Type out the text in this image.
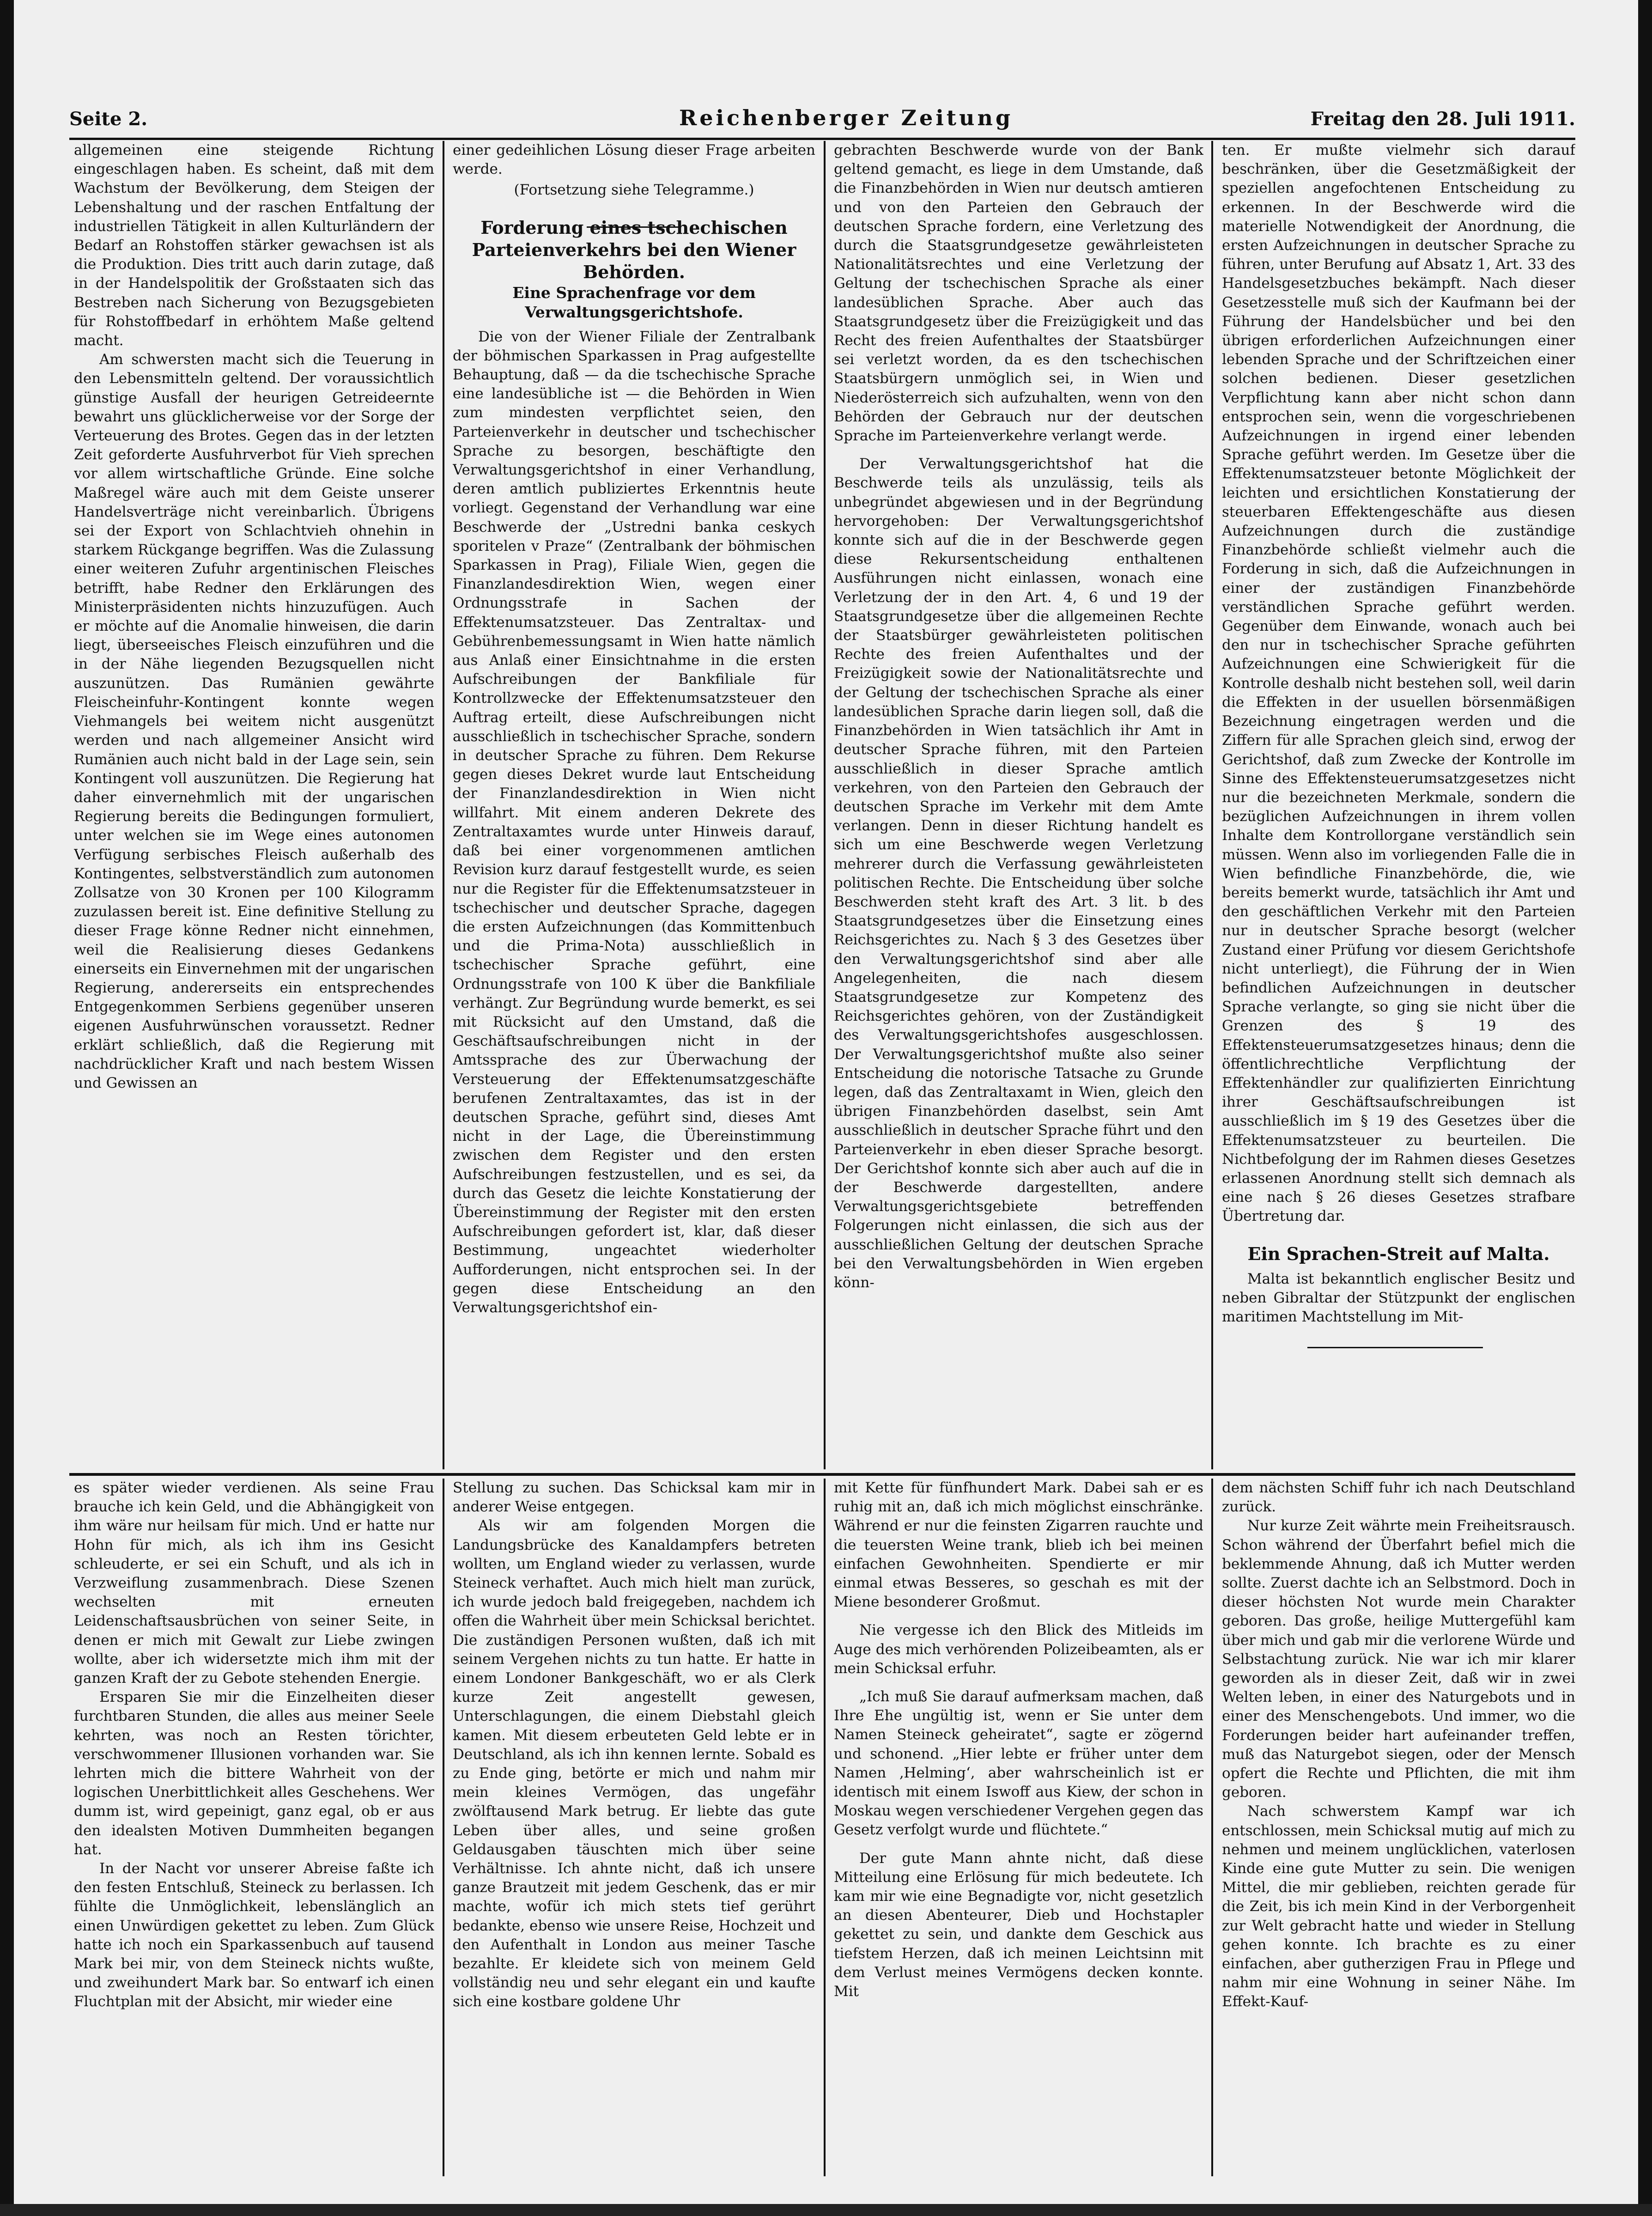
Seite 2.	Reichenberger Zeitung	Freitag den 28. Juli 1911.

allgemeinen eine steigende Richtung eingeschlagen haben. Es scheint, daß mit dem Wachstum der Bevölkerung, dem Steigen der Lebenshaltung und der raschen Entfaltung der industriellen Tätigkeit in allen Kulturländern der Bedarf an Rohstoffen stärker gewachsen ist als die Produktion. Dies tritt auch darin zutage, daß in der Handelspolitik der Großstaaten sich das Bestreben nach Sicherung von Bezugsgebieten für Rohstoffbedarf in erhöhtem Maße geltend macht.

Am schwersten macht sich die Teuerung in den Lebensmitteln geltend. Der voraussichtlich günstige Ausfall der heurigen Getreideernte bewahrt uns glücklicherweise vor der Sorge der Verteuerung des Brotes. Gegen das in der letzten Zeit geforderte Ausfuhrverbot für Vieh sprechen vor allem wirtschaftliche Gründe. Eine solche Maßregel wäre auch mit dem Geiste unserer Handelsverträge nicht vereinbarlich. Übrigens sei der Export von Schlachtvieh ohnehin in starkem Rückgange begriffen. Was die Zulassung einer weiteren Zufuhr argentinischen Fleisches betrifft, habe Redner den Erklärungen des Ministerpräsidenten nichts hinzuzufügen. Auch er möchte auf die Anomalie hinweisen, die darin liegt, überseeisches Fleisch einzuführen und die in der Nähe liegenden Bezugsquellen nicht auszunützen. Das Rumänien gewährte Fleischeinfuhr-Kontingent konnte wegen Viehmangels bei weitem nicht ausgenützt werden und nach allgemeiner Ansicht wird Rumänien auch nicht bald in der Lage sein, sein Kontingent voll auszunützen. Die Regierung hat daher einvernehmlich mit der ungarischen Regierung bereits die Bedingungen formuliert, unter welchen sie im Wege eines autonomen Verfügung serbisches Fleisch außerhalb des Kontingentes, selbstverständlich zum autonomen Zollsatze von 30 Kronen per 100 Kilogramm zuzulassen bereit ist. Eine definitive Stellung zu dieser Frage könne Redner nicht einnehmen, weil die Realisierung dieses Gedankens einerseits ein Einvernehmen mit der ungarischen Regierung, andererseits ein entsprechendes Entgegenkommen Serbiens gegenüber unseren eigenen Ausfuhrwünschen voraussetzt. Redner erklärt schließlich, daß die Regierung mit nachdrücklicher Kraft und nach bestem Wissen und Gewissen an

einer gedeihlichen Lösung dieser Frage arbeiten werde.

(Fortsetzung siehe Telegramme.)

Forderung eines tschechischen Parteienverkehrs bei den Wiener Behörden.

Eine Sprachenfrage vor dem Verwaltungsgerichtshofe.

Die von der Wiener Filiale der Zentralbank der böhmischen Sparkassen in Prag aufgestellte Behauptung, daß — da die tschechische Sprache eine landesübliche ist — die Behörden in Wien zum mindesten verpflichtet seien, den Parteienverkehr in deutscher und tschechischer Sprache zu besorgen, beschäftigte den Verwaltungsgerichtshof in einer Verhandlung, deren amtlich publiziertes Erkenntnis heute vorliegt. Gegenstand der Verhandlung war eine Beschwerde der „Ustredni banka ceskych sporitelen v Praze“ (Zentralbank der böhmischen Sparkassen in Prag), Filiale Wien, gegen die Finanzlandesdirektion Wien, wegen einer Ordnungsstrafe in Sachen der Effektenumsatzsteuer. Das Zentraltax- und Gebührenbemessungsamt in Wien hatte nämlich aus Anlaß einer Einsichtnahme in die ersten Aufschreibungen der Bankfiliale für Kontrollzwecke der Effektenumsatzsteuer den Auftrag erteilt, diese Aufschreibungen nicht ausschließlich in tschechischer Sprache, sondern in deutscher Sprache zu führen. Dem Rekurse gegen dieses Dekret wurde laut Entscheidung der Finanzlandesdirektion in Wien nicht willfahrt. Mit einem anderen Dekrete des Zentraltaxamtes wurde unter Hinweis darauf, daß bei einer vorgenommenen amtlichen Revision kurz darauf festgestellt wurde, es seien nur die Register für die Effektenumsatzsteuer in tschechischer und deutscher Sprache, dagegen die ersten Aufzeichnungen (das Kommittenbuch und die Prima-Nota) ausschließlich in tschechischer Sprache geführt, eine Ordnungsstrafe von 100 K über die Bankfiliale verhängt. Zur Begründung wurde bemerkt, es sei mit Rücksicht auf den Umstand, daß die Geschäftsaufschreibungen nicht in der Amtssprache des zur Überwachung der Versteuerung der Effektenumsatzgeschäfte berufenen Zentraltaxamtes, das ist in der deutschen Sprache, geführt sind, dieses Amt nicht in der Lage, die Übereinstimmung zwischen dem Register und den ersten Aufschreibungen festzustellen, und es sei, da durch das Gesetz die leichte Konstatierung der Übereinstimmung der Register mit den ersten Aufschreibungen gefordert ist, klar, daß dieser Bestimmung, ungeachtet wiederholter Aufforderungen, nicht entsprochen sei. In der gegen diese Entscheidung an den Verwaltungsgerichtshof ein-

gebrachten Beschwerde wurde von der Bank geltend gemacht, es liege in dem Umstande, daß die Finanzbehörden in Wien nur deutsch amtieren und von den Parteien den Gebrauch der deutschen Sprache fordern, eine Verletzung des durch die Staatsgrundgesetze gewährleisteten Nationalitätsrechtes und eine Verletzung der Geltung der tschechischen Sprache als einer landesüblichen Sprache. Aber auch das Staatsgrundgesetz über die Freizügigkeit und das Recht des freien Aufenthaltes der Staatsbürger sei verletzt worden, da es den tschechischen Staatsbürgern unmöglich sei, in Wien und Niederösterreich sich aufzuhalten, wenn von den Behörden der Gebrauch nur der deutschen Sprache im Parteienverkehre verlangt werde.

Der Verwaltungsgerichtshof hat die Beschwerde teils als unzulässig, teils als unbegründet abgewiesen und in der Begründung hervorgehoben: Der Verwaltungsgerichtshof konnte sich auf die in der Beschwerde gegen diese Rekursentscheidung enthaltenen Ausführungen nicht einlassen, wonach eine Verletzung der in den Art. 4, 6 und 19 der Staatsgrundgesetze über die allgemeinen Rechte der Staatsbürger gewährleisteten politischen Rechte des freien Aufenthaltes und der Freizügigkeit sowie der Nationalitätsrechte und der Geltung der tschechischen Sprache als einer landesüblichen Sprache darin liegen soll, daß die Finanzbehörden in Wien tatsächlich ihr Amt in deutscher Sprache führen, mit den Parteien ausschließlich in dieser Sprache amtlich verkehren, von den Parteien den Gebrauch der deutschen Sprache im Verkehr mit dem Amte verlangen. Denn in dieser Richtung handelt es sich um eine Beschwerde wegen Verletzung mehrerer durch die Verfassung gewährleisteten politischen Rechte. Die Entscheidung über solche Beschwerden steht kraft des Art. 3 lit. b des Staatsgrundgesetzes über die Einsetzung eines Reichsgerichtes zu. Nach § 3 des Gesetzes über den Verwaltungsgerichtshof sind aber alle Angelegenheiten, die nach diesem Staatsgrundgesetze zur Kompetenz des Reichsgerichtes gehören, von der Zuständigkeit des Verwaltungsgerichtshofes ausgeschlossen. Der Verwaltungsgerichtshof mußte also seiner Entscheidung die notorische Tatsache zu Grunde legen, daß das Zentraltaxamt in Wien, gleich den übrigen Finanzbehörden daselbst, sein Amt ausschließlich in deutscher Sprache führt und den Parteienverkehr in eben dieser Sprache besorgt. Der Gerichtshof konnte sich aber auch auf die in der Beschwerde dargestellten, andere Verwaltungsgerichtsgebiete betreffenden Folgerungen nicht einlassen, die sich aus der ausschließlichen Geltung der deutschen Sprache bei den Verwaltungsbehörden in Wien ergeben könn-

ten. Er mußte vielmehr sich darauf beschränken, über die Gesetzmäßigkeit der speziellen angefochtenen Entscheidung zu erkennen. In der Beschwerde wird die materielle Notwendigkeit der Anordnung, die ersten Aufzeichnungen in deutscher Sprache zu führen, unter Berufung auf Absatz 1, Art. 33 des Handelsgesetzbuches bekämpft. Nach dieser Gesetzesstelle muß sich der Kaufmann bei der Führung der Handelsbücher und bei den übrigen erforderlichen Aufzeichnungen einer lebenden Sprache und der Schriftzeichen einer solchen bedienen. Dieser gesetzlichen Verpflichtung kann aber nicht schon dann entsprochen sein, wenn die vorgeschriebenen Aufzeichnungen in irgend einer lebenden Sprache geführt werden. Im Gesetze über die Effektenumsatzsteuer betonte Möglichkeit der leichten und ersichtlichen Konstatierung der steuerbaren Effektengeschäfte aus diesen Aufzeichnungen durch die zuständige Finanzbehörde schließt vielmehr auch die Forderung in sich, daß die Aufzeichnungen in einer der zuständigen Finanzbehörde verständlichen Sprache geführt werden. Gegenüber dem Einwande, wonach auch bei den nur in tschechischer Sprache geführten Aufzeichnungen eine Schwierigkeit für die Kontrolle deshalb nicht bestehen soll, weil darin die Effekten in der usuellen börsenmäßigen Bezeichnung eingetragen werden und die Ziffern für alle Sprachen gleich sind, erwog der Gerichtshof, daß zum Zwecke der Kontrolle im Sinne des Effektensteuerumsatzgesetzes nicht nur die bezeichneten Merkmale, sondern die bezüglichen Aufzeichnungen in ihrem vollen Inhalte dem Kontrollorgane verständlich sein müssen. Wenn also im vorliegenden Falle die in Wien befindliche Finanzbehörde, die, wie bereits bemerkt wurde, tatsächlich ihr Amt und den geschäftlichen Verkehr mit den Parteien nur in deutscher Sprache besorgt (welcher Zustand einer Prüfung vor diesem Gerichtshofe nicht unterliegt), die Führung der in Wien befindlichen Aufzeichnungen in deutscher Sprache verlangte, so ging sie nicht über die Grenzen des § 19 des Effektensteuerumsatzgesetzes hinaus; denn die öffentlichrechtliche Verpflichtung der Effektenhändler zur qualifizierten Einrichtung ihrer Geschäftsaufschreibungen ist ausschließlich im § 19 des Gesetzes über die Effektenumsatzsteuer zu beurteilen. Die Nichtbefolgung der im Rahmen dieses Gesetzes erlassenen Anordnung stellt sich demnach als eine nach § 26 dieses Gesetzes strafbare Übertretung dar.

Ein Sprachen-Streit auf Malta.

Malta ist bekanntlich englischer Besitz und neben Gibraltar der Stützpunkt der englischen maritimen Machtstellung im Mit-

es später wieder verdienen. Als seine Frau brauche ich kein Geld, und die Abhängigkeit von ihm wäre nur heilsam für mich. Und er hatte nur Hohn für mich, als ich ihm ins Gesicht schleuderte, er sei ein Schuft, und als ich in Verzweiflung zusammenbrach. Diese Szenen wechselten mit erneuten Leidenschaftsausbrüchen von seiner Seite, in denen er mich mit Gewalt zur Liebe zwingen wollte, aber ich widersetzte mich ihm mit der ganzen Kraft der zu Gebote stehenden Energie.

Ersparen Sie mir die Einzelheiten dieser furchtbaren Stunden, die alles aus meiner Seele kehrten, was noch an Resten törichter, verschwommener Illusionen vorhanden war. Sie lehrten mich die bittere Wahrheit von der logischen Unerbittlichkeit alles Geschehens. Wer dumm ist, wird gepeinigt, ganz egal, ob er aus den idealsten Motiven Dummheiten begangen hat.

In der Nacht vor unserer Abreise faßte ich den festen Entschluß, Steineck zu berlassen. Ich fühlte die Unmöglichkeit, lebenslänglich an einen Unwürdigen gekettet zu leben. Zum Glück hatte ich noch ein Sparkassenbuch auf tausend Mark bei mir, von dem Steineck nichts wußte, und zweihundert Mark bar. So entwarf ich einen Fluchtplan mit der Absicht, mir wieder eine

Stellung zu suchen. Das Schicksal kam mir in anderer Weise entgegen.

Als wir am folgenden Morgen die Landungsbrücke des Kanaldampfers betreten wollten, um England wieder zu verlassen, wurde Steineck verhaftet. Auch mich hielt man zurück, ich wurde jedoch bald freigegeben, nachdem ich offen die Wahrheit über mein Schicksal berichtet. Die zuständigen Personen wußten, daß ich mit seinem Vergehen nichts zu tun hatte. Er hatte in einem Londoner Bankgeschäft, wo er als Clerk kurze Zeit angestellt gewesen, Unterschlagungen, die einem Diebstahl gleich kamen. Mit diesem erbeuteten Geld lebte er in Deutschland, als ich ihn kennen lernte. Sobald es zu Ende ging, betörte er mich und nahm mir mein kleines Vermögen, das ungefähr zwölftausend Mark betrug. Er liebte das gute Leben über alles, und seine großen Geldausgaben täuschten mich über seine Verhältnisse. Ich ahnte nicht, daß ich unsere ganze Brautzeit mit jedem Geschenk, das er mir machte, wofür ich mich stets tief gerührt bedankte, ebenso wie unsere Reise, Hochzeit und den Aufenthalt in London aus meiner Tasche bezahlte. Er kleidete sich von meinem Geld vollständig neu und sehr elegant ein und kaufte sich eine kostbare goldene Uhr

mit Kette für fünfhundert Mark. Dabei sah er es ruhig mit an, daß ich mich möglichst einschränke. Während er nur die feinsten Zigarren rauchte und die teuersten Weine trank, blieb ich bei meinen einfachen Gewohnheiten. Spendierte er mir einmal etwas Besseres, so geschah es mit der Miene besonderer Großmut.

Nie vergesse ich den Blick des Mitleids im Auge des mich verhörenden Polizeibeamten, als er mein Schicksal erfuhr.

„Ich muß Sie darauf aufmerksam machen, daß Ihre Ehe ungültig ist, wenn er Sie unter dem Namen Steineck geheiratet“, sagte er zögernd und schonend. „Hier lebte er früher unter dem Namen ‚Helming‘, aber wahrscheinlich ist er identisch mit einem Iswoff aus Kiew, der schon in Moskau wegen verschiedener Vergehen gegen das Gesetz verfolgt wurde und flüchtete.“

Der gute Mann ahnte nicht, daß diese Mitteilung eine Erlösung für mich bedeutete. Ich kam mir wie eine Begnadigte vor, nicht gesetzlich an diesen Abenteurer, Dieb und Hochstapler gekettet zu sein, und dankte dem Geschick aus tiefstem Herzen, daß ich meinen Leichtsinn mit dem Verlust meines Vermögens decken konnte. Mit

dem nächsten Schiff fuhr ich nach Deutschland zurück.

Nur kurze Zeit währte mein Freiheitsrausch. Schon während der Überfahrt befiel mich die beklemmende Ahnung, daß ich Mutter werden sollte. Zuerst dachte ich an Selbstmord. Doch in dieser höchsten Not wurde mein Charakter geboren. Das große, heilige Muttergefühl kam über mich und gab mir die verlorene Würde und Selbstachtung zurück. Nie war ich mir klarer geworden als in dieser Zeit, daß wir in zwei Welten leben, in einer des Naturgebots und in einer des Menschengebots. Und immer, wo die Forderungen beider hart aufeinander treffen, muß das Naturgebot siegen, oder der Mensch opfert die Rechte und Pflichten, die mit ihm geboren.

Nach schwerstem Kampf war ich entschlossen, mein Schicksal mutig auf mich zu nehmen und meinem unglücklichen, vaterlosen Kinde eine gute Mutter zu sein. Die wenigen Mittel, die mir geblieben, reichten gerade für die Zeit, bis ich mein Kind in der Verborgenheit zur Welt gebracht hatte und wieder in Stellung gehen konnte. Ich brachte es zu einer einfachen, aber gutherzigen Frau in Pflege und nahm mir eine Wohnung in seiner Nähe. Im Effekt-Kauf-
